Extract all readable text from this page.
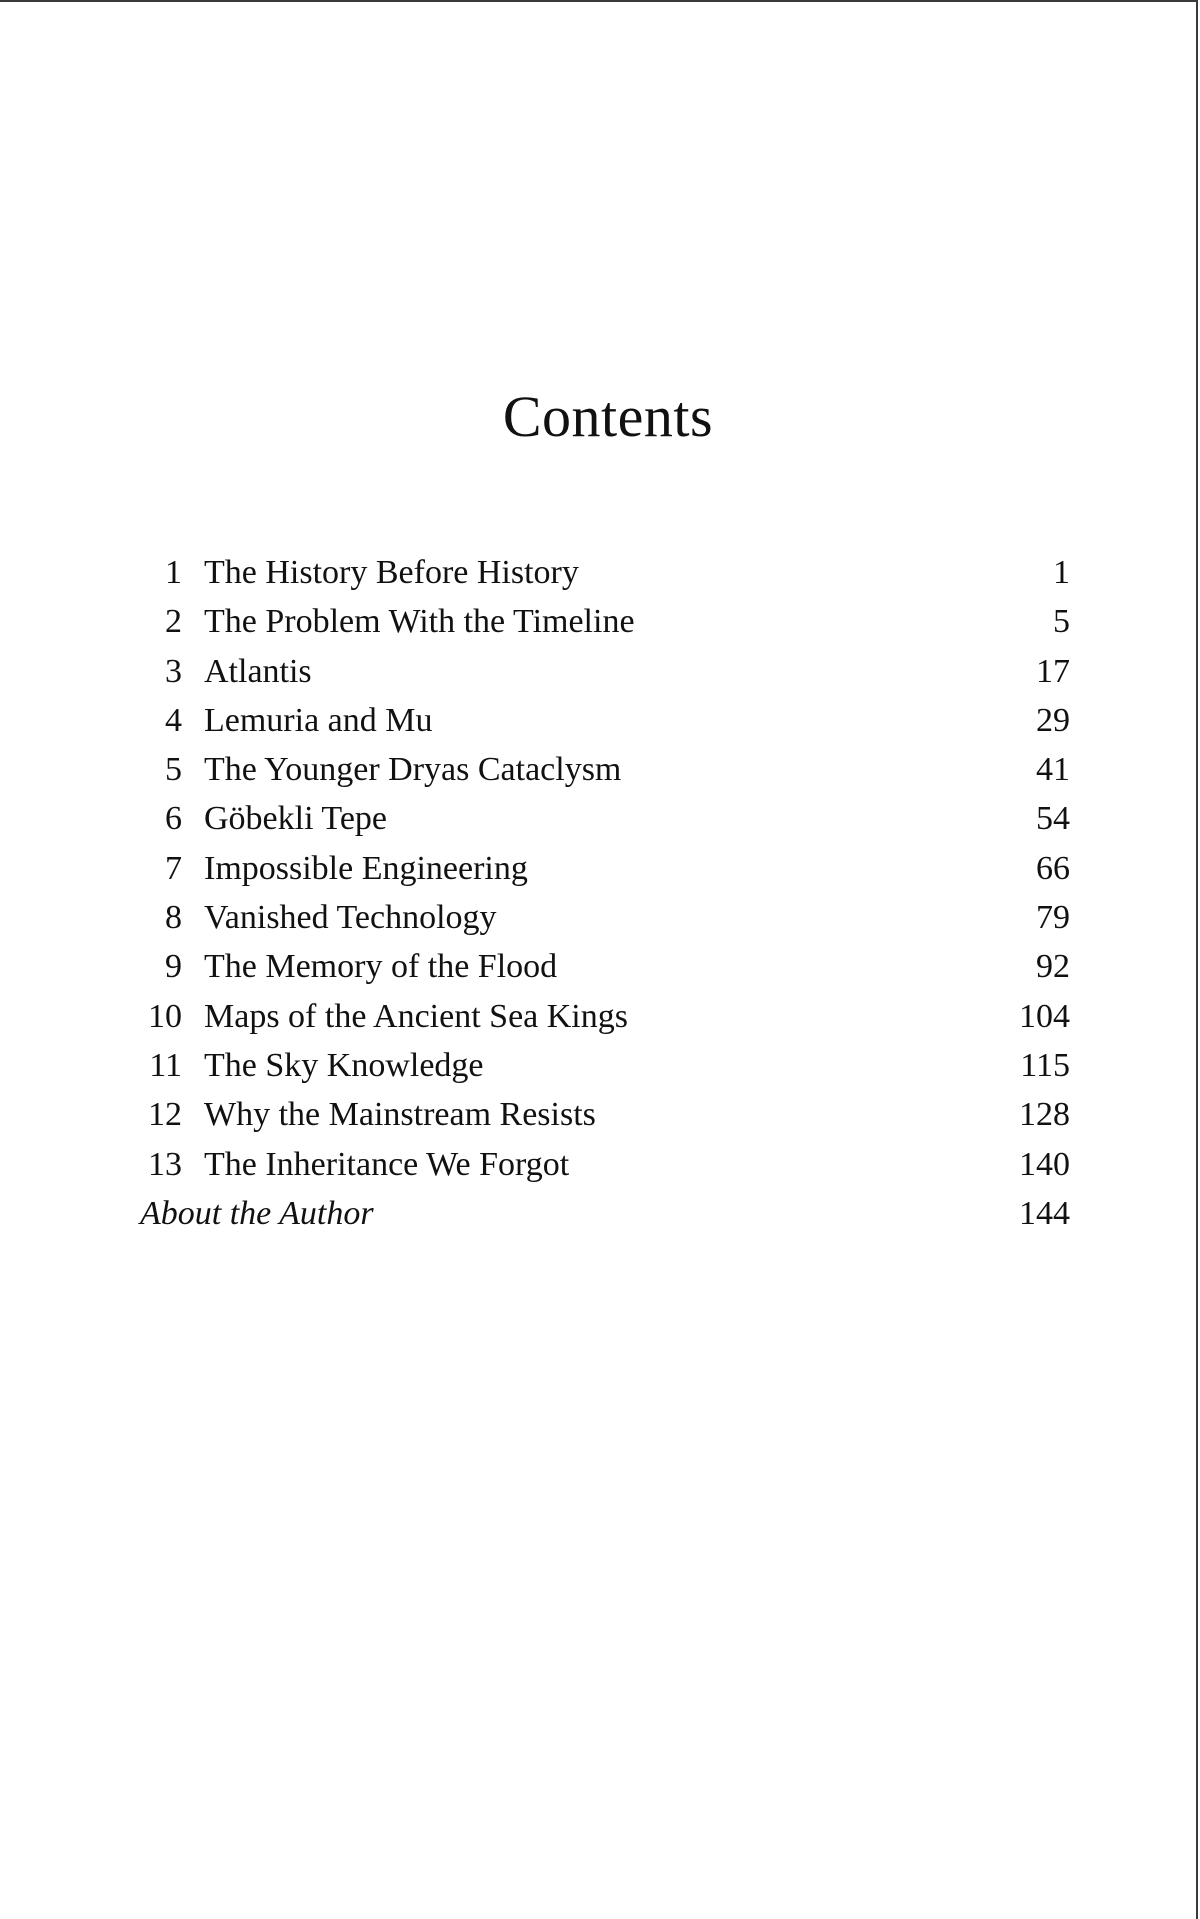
Contents
1 The History Before History	1
2 The Problem With the Timeline	5
3 Atlantis	17
4 Lemuria and Mu	29
5 The Younger Dryas Cataclysm	41
6 Göbekli Tepe	54
7 Impossible Engineering	66
8 Vanished Technology	79
9 The Memory of the Flood	92
10 Maps of the Ancient Sea Kings	104
11 The Sky Knowledge	115
12 Why the Mainstream Resists	128
13 The Inheritance We Forgot	140
About the Author	144
